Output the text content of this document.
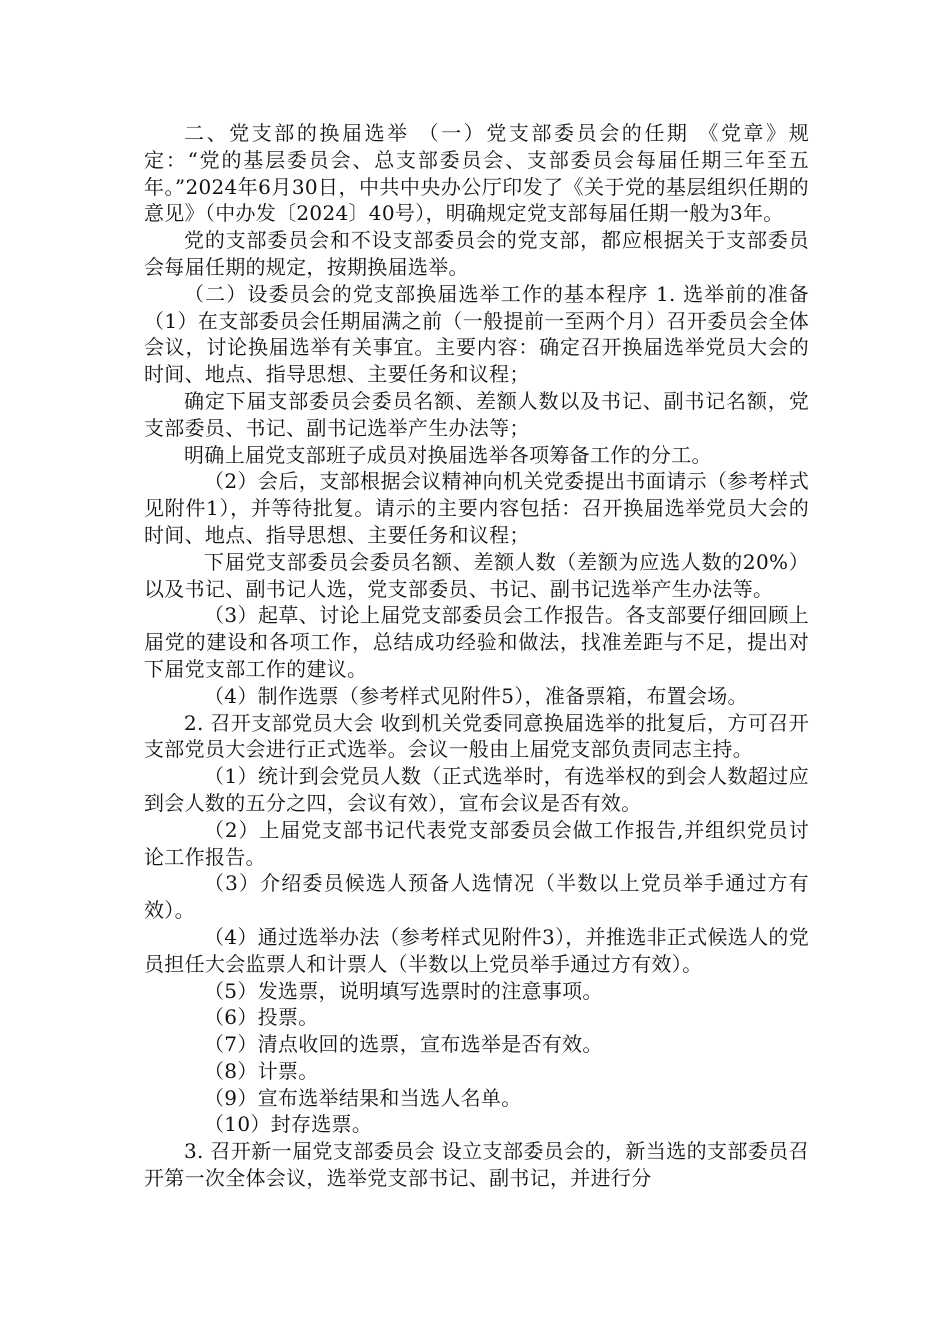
二、党支部的换届选举 （一）党支部委员会的任期 《党章》规定：“党的基层委员会、总支部委员会、支部委员会每届任期三年至五年。”2024年6月30日，中共中央办公厅印发了《关于党的基层组织任期的意见》（中办发〔2024〕40号），明确规定党支部每届任期一般为3年。

党的支部委员会和不设支部委员会的党支部，都应根据关于支部委员会每届任期的规定，按期换届选举。

（二）设委员会的党支部换届选举工作的基本程序 1. 选举前的准备 （1）在支部委员会任期届满之前（一般提前一至两个月）召开委员会全体会议，讨论换届选举有关事宜。主要内容：确定召开换届选举党员大会的时间、地点、指导思想、主要任务和议程；

确定下届支部委员会委员名额、差额人数以及书记、副书记名额，党支部委员、书记、副书记选举产生办法等；

明确上届党支部班子成员对换届选举各项筹备工作的分工。

（2）会后，支部根据会议精神向机关党委提出书面请示（参考样式见附件1），并等待批复。请示的主要内容包括：召开换届选举党员大会的时间、地点、指导思想、主要任务和议程；

下届党支部委员会委员名额、差额人数（差额为应选人数的20%）以及书记、副书记人选，党支部委员、书记、副书记选举产生办法等。

（3）起草、讨论上届党支部委员会工作报告。各支部要仔细回顾上届党的建设和各项工作，总结成功经验和做法，找准差距与不足，提出对下届党支部工作的建议。

（4）制作选票（参考样式见附件5），准备票箱，布置会场。

2. 召开支部党员大会 收到机关党委同意换届选举的批复后，方可召开支部党员大会进行正式选举。会议一般由上届党支部负责同志主持。

（1）统计到会党员人数（正式选举时，有选举权的到会人数超过应到会人数的五分之四，会议有效），宣布会议是否有效。

（2）上届党支部书记代表党支部委员会做工作报告,并组织党员讨论工作报告。

（3）介绍委员候选人预备人选情况（半数以上党员举手通过方有效）。

（4）通过选举办法（参考样式见附件3），并推选非正式候选人的党员担任大会监票人和计票人（半数以上党员举手通过方有效）。

（5）发选票，说明填写选票时的注意事项。

（6）投票。

（7）清点收回的选票，宣布选举是否有效。

（8）计票。

（9）宣布选举结果和当选人名单。

（10）封存选票。

3. 召开新一届党支部委员会 设立支部委员会的，新当选的支部委员召开第一次全体会议，选举党支部书记、副书记，并进行分
